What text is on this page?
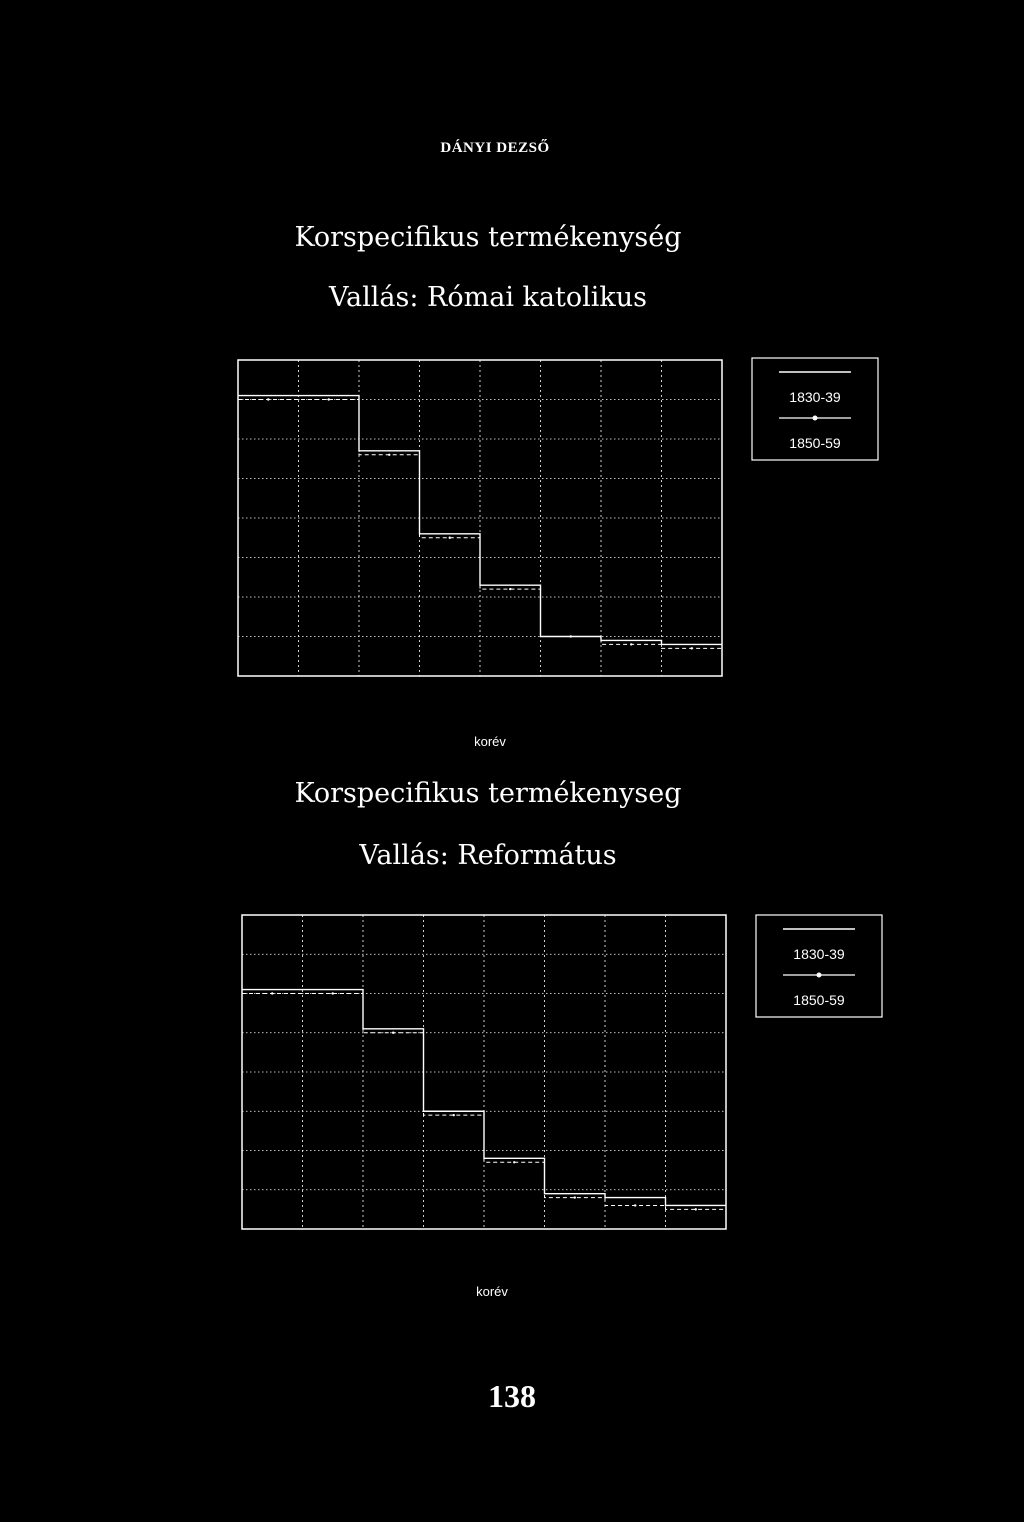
DÁNYI DEZSŐ
Korspecifikus termékenység
Vallás: Római katolikus
1830-39
1850-59
korév
Korspecifikus termékenyseg
Vallás: Református
1830-39
1850-59
korév
138
